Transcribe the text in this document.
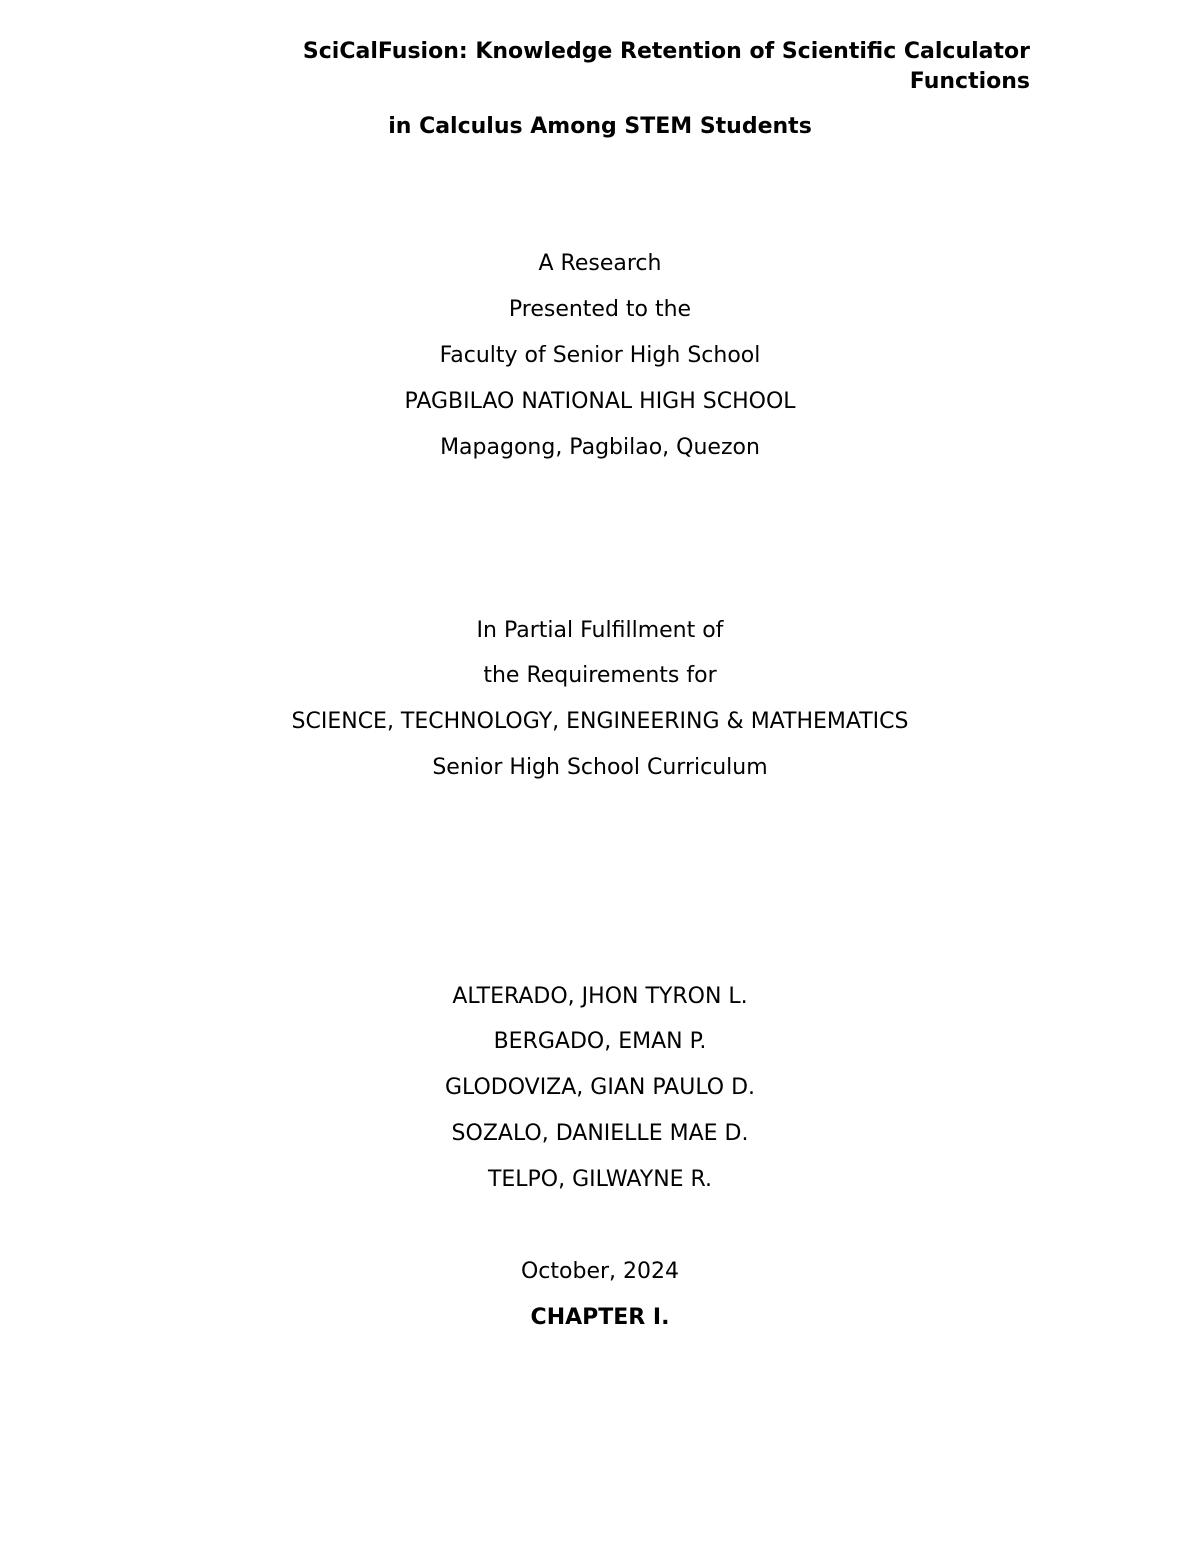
SciCalFusion: Knowledge Retention of Scientific Calculator Functions
in Calculus Among STEM Students
A Research
Presented to the
Faculty of Senior High School
PAGBILAO NATIONAL HIGH SCHOOL
Mapagong, Pagbilao, Quezon
In Partial Fulfillment of
the Requirements for
SCIENCE, TECHNOLOGY, ENGINEERING & MATHEMATICS
Senior High School Curriculum
ALTERADO, JHON TYRON L.
BERGADO, EMAN P.
GLODOVIZA, GIAN PAULO D.
SOZALO, DANIELLE MAE D.
TELPO, GILWAYNE R.
October, 2024
CHAPTER I.
